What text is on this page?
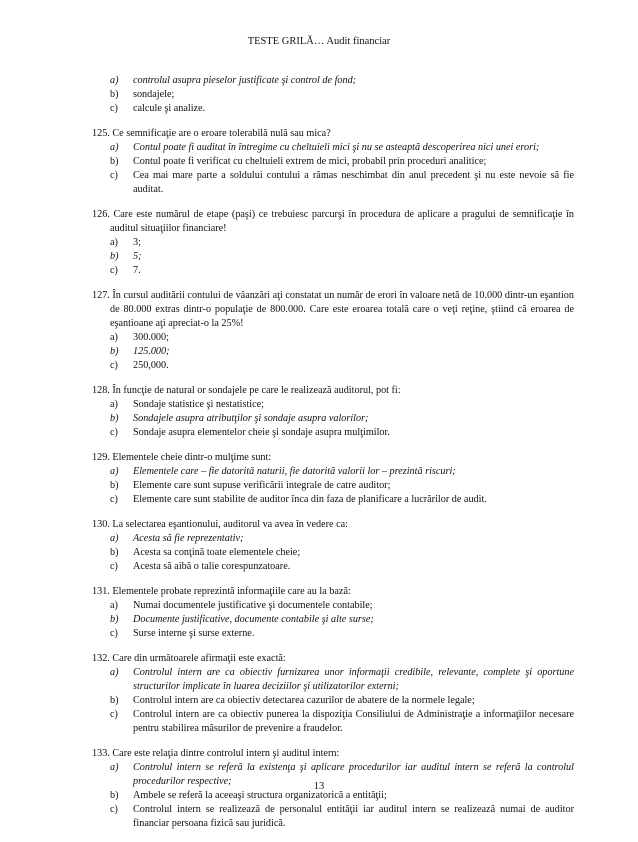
TESTE GRILĂ… Audit financiar
a)	controlul asupra pieselor justificate şi control de fond;
b)	sondajele;
c)	calcule şi analize.
125. Ce semnificaţie are o eroare tolerabilă nulă sau mica?
a)	Contul poate fi auditat în întregime cu cheltuieli mici şi nu se asteaptă descoperirea nici unei erori;
b)	Contul poate fi verificat cu cheltuieli extrem de mici, probabil prin proceduri analitice;
c)	Cea mai mare parte a soldului contului a rămas neschimbat din anul precedent şi nu este nevoie să fie auditat.
126. Care este numărul de etape (paşi) ce trebuiesc parcurşi în procedura de aplicare a pragului de semnificaţie în auditul situaţiilor financiare!
a)	3;
b)	5;
c)	7.
127. În cursul auditării contului de vâanzări aţi constatat un număr de erori în valoare netă de 10.000 dintr-un eşantion de 80.000 extras dintr-o populaţie de 800.000. Care este eroarea totală care o veţi reţine, ştiind că eroarea de eşantioane aţi apreciat-o la 25%!
a)	300.000;
b)	125.000;
c)	250,000.
128. În funcţie de natural or sondajele pe care le realizează auditorul, pot fi:
a)	Sondaje statistice şi nestatistice;
b)	Sondajele asupra atributţilor şi sondaje asupra valorilor;
c)	Sondaje asupra elementelor cheie şi sondaje asupra mulţimilor.
129. Elementele cheie dintr-o mulţime sunt:
a)	Elementele care – fie datorită naturii, fie datorită valorii lor – prezintă riscuri;
b)	Elemente care sunt supuse verificării integrale de catre auditor;
c)	Elemente care sunt stabilite de auditor înca din faza de planificare a lucrărilor de audit.
130. La selectarea eşantionului, auditorul va avea în vedere ca:
a)	Acesta să fie reprezentativ;
b)	Acesta sa conţină toate elementele cheie;
c)	Acesta să aibă o talie corespunzatoare.
131. Elementele probate reprezintă informaţiile care au la bază:
a)	Numai documentele justificative şi documentele contabile;
b)	Documente justificative, documente contabile şi alte surse;
c)	Surse interne şi surse externe.
132. Care din următoarele afirmaţii este exactă:
a)	Controlul intern are ca obiectiv furnizarea unor informaţii credibile, relevante, complete şi oportune structurilor implicate în luarea deciziilor şi utilizatorilor externi;
b)	Controlul intern are ca obiectiv detectarea cazurilor de abatere de la normele legale;
c)	Controlul intern are ca obiectiv punerea la dispoziţia Consiliului de Administraţie a informaţiilor necesare pentru stabilirea măsurilor de prevenire a fraudelor.
133. Care este relaţia dintre controlul intern şi auditul intern:
a)	Controlul intern se referă la existenţa şi aplicare procedurilor iar auditul intern se referă la controlul procedurilor respective;
b)	Ambele se referă la aceeaşi structura organizatorică a entităţii;
c)	Controlul intern se realizează de personalul entităţii iar auditul intern se realizează numai de auditor financiar persoana fizică sau juridică.
13
